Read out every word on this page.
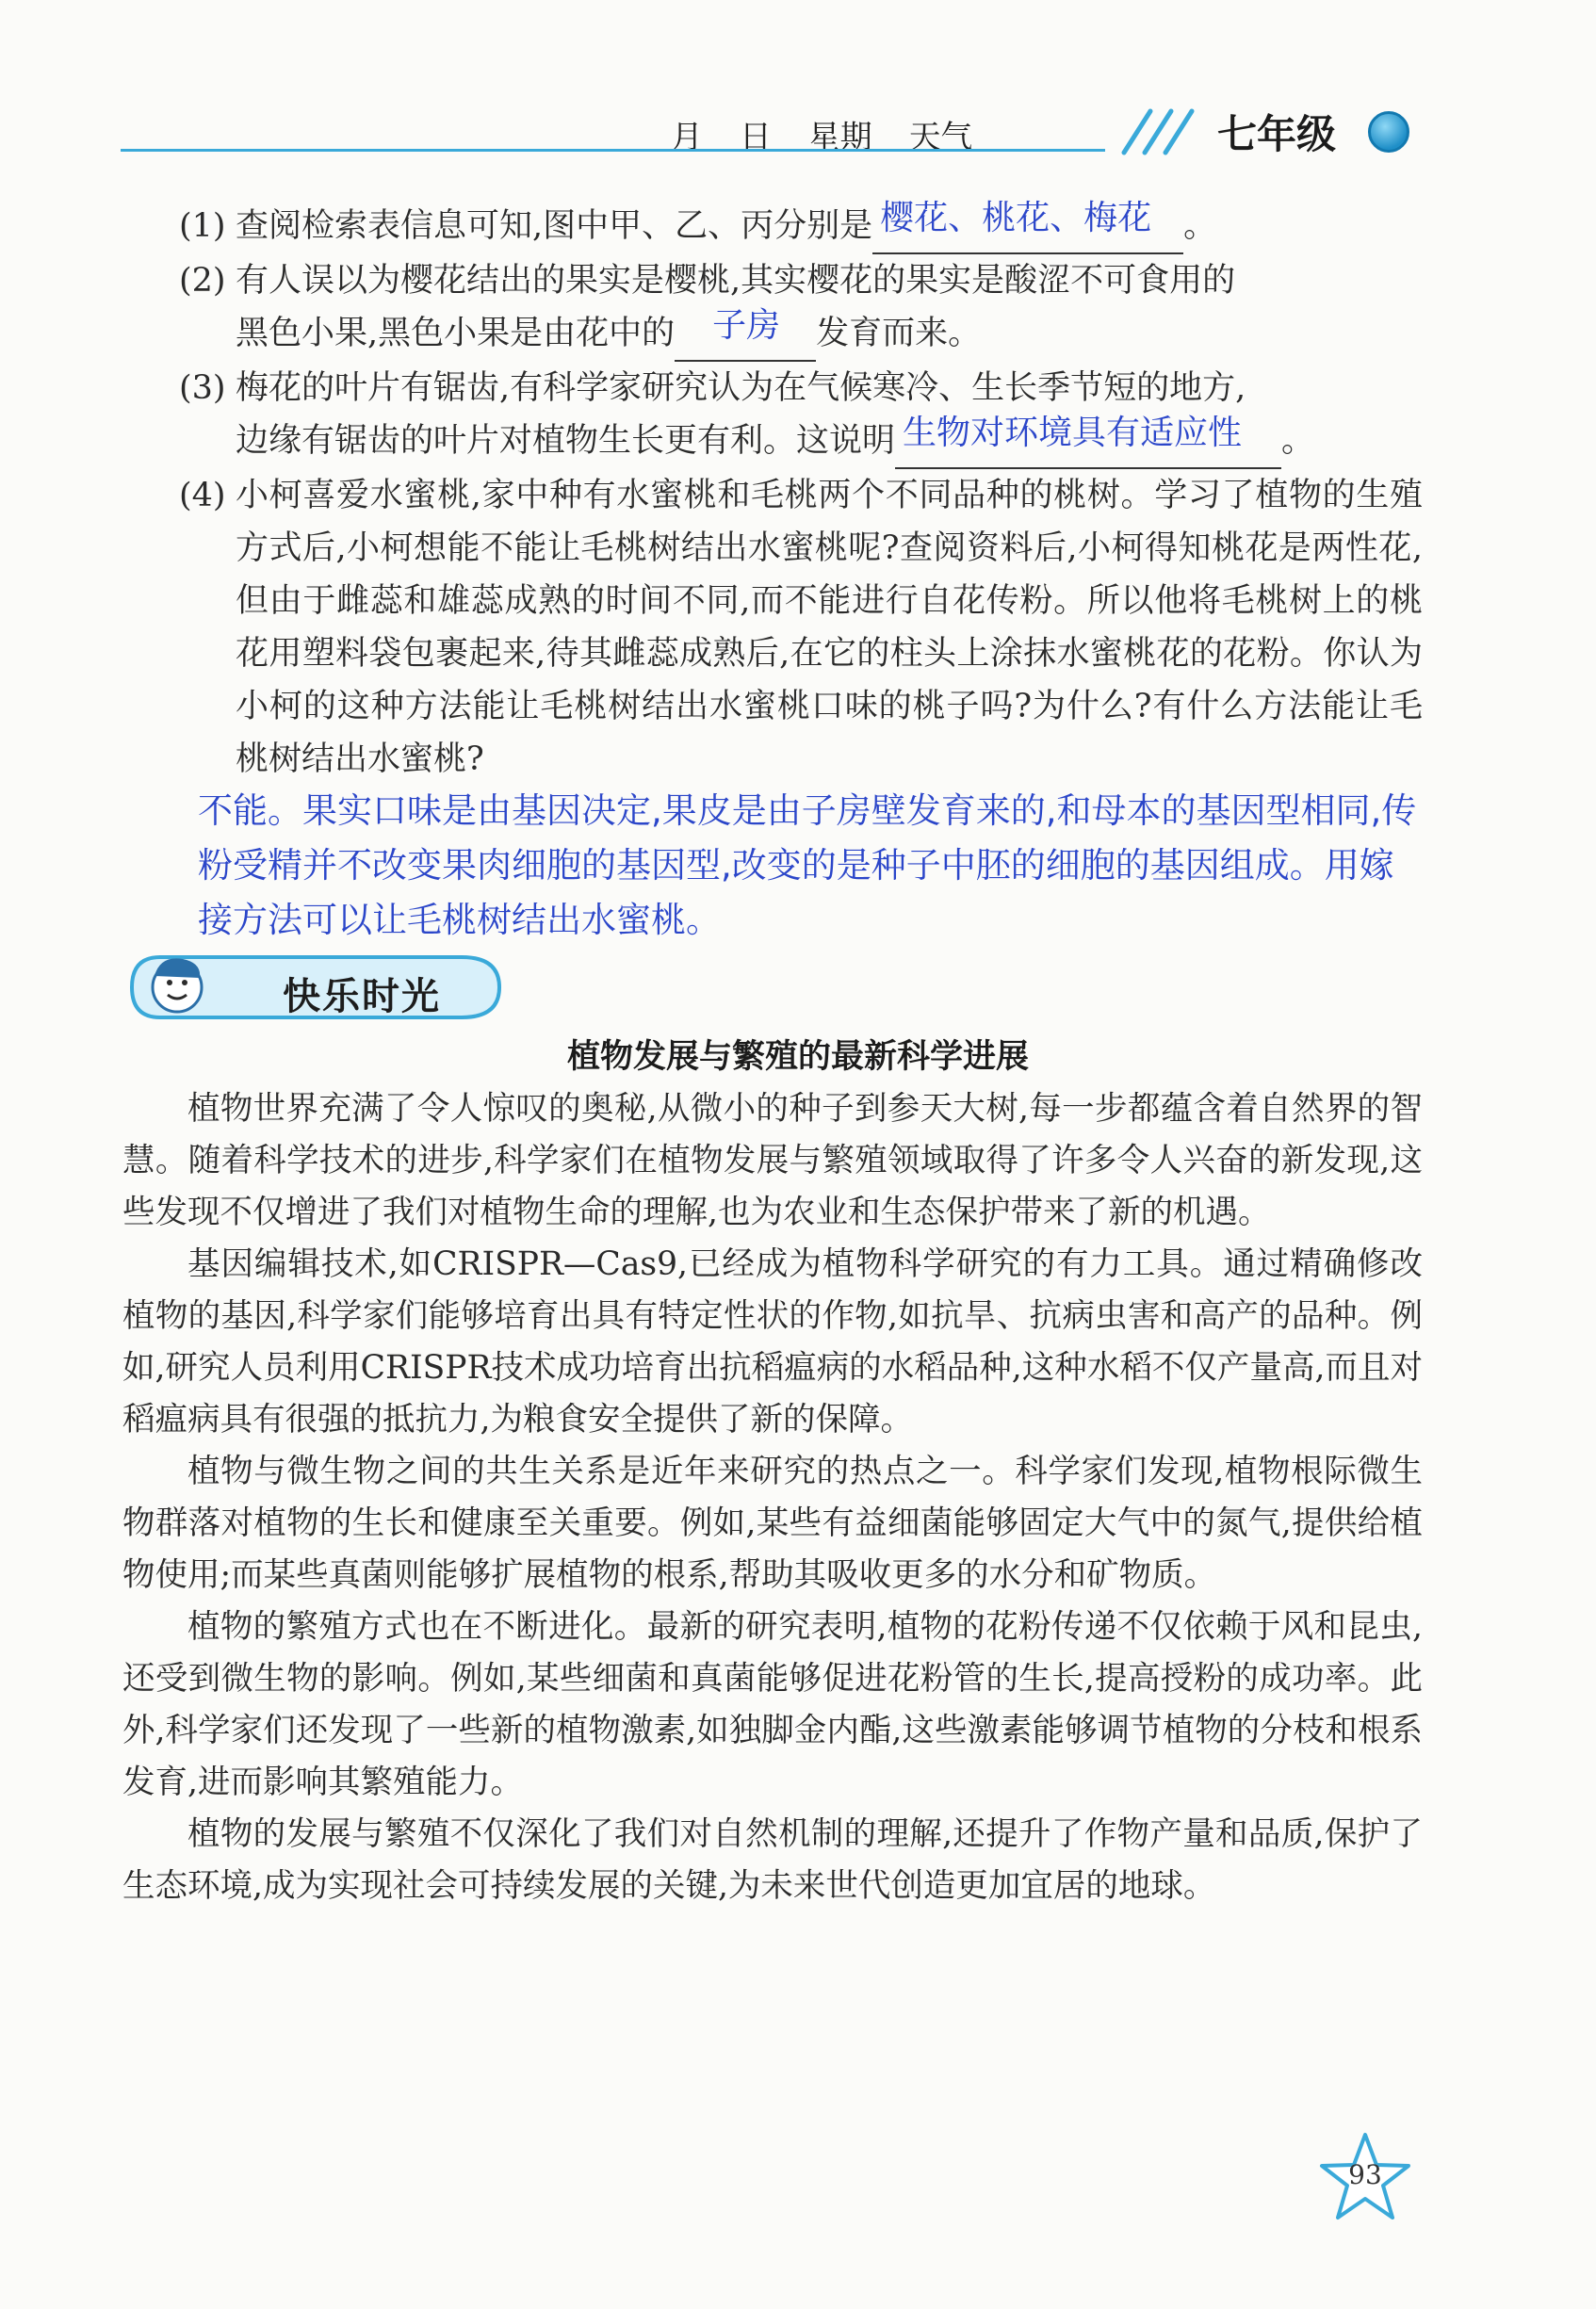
月 日 星期 天气	七年级
(1) 查阅检索表信息可知,图中甲、乙、丙分别是 樱花、桃花、梅花 。
(2) 有人误以为樱花结出的果实是樱桃,其实樱花的果实是酸涩不可食用的
黑色小果,黑色小果是由花中的 子房 发育而来。
(3) 梅花的叶片有锯齿,有科学家研究认为在气候寒冷、生长季节短的地方,
边缘有锯齿的叶片对植物生长更有利。这说明 生物对环境具有适应性 。
(4) 小柯喜爱水蜜桃,家中种有水蜜桃和毛桃两个不同品种的桃树。学习了植物的生殖方式后,小柯想能不能让毛桃树结出水蜜桃呢?查阅资料后,小柯得知桃花是两性花,但由于雌蕊和雄蕊成熟的时间不同,而不能进行自花传粉。所以他将毛桃树上的桃花用塑料袋包裹起来,待其雌蕊成熟后,在它的柱头上涂抹水蜜桃花的花粉。你认为小柯的这种方法能让毛桃树结出水蜜桃口味的桃子吗?为什么?有什么方法能让毛桃树结出水蜜桃?
不能。果实口味是由基因决定,果皮是由子房壁发育来的,和母本的基因型相同,传粉受精并不改变果肉细胞的基因型,改变的是种子中胚的细胞的基因组成。用嫁接方法可以让毛桃树结出水蜜桃。
快乐时光
植物发展与繁殖的最新科学进展

植物世界充满了令人惊叹的奥秘,从微小的种子到参天大树,每一步都蕴含着自然界的智慧。随着科学技术的进步,科学家们在植物发展与繁殖领域取得了许多令人兴奋的新发现,这些发现不仅增进了我们对植物生命的理解,也为农业和生态保护带来了新的机遇。

基因编辑技术,如CRISPR—Cas9,已经成为植物科学研究的有力工具。通过精确修改植物的基因,科学家们能够培育出具有特定性状的作物,如抗旱、抗病虫害和高产的品种。例如,研究人员利用CRISPR技术成功培育出抗稻瘟病的水稻品种,这种水稻不仅产量高,而且对稻瘟病具有很强的抵抗力,为粮食安全提供了新的保障。

植物与微生物之间的共生关系是近年来研究的热点之一。科学家们发现,植物根际微生物群落对植物的生长和健康至关重要。例如,某些有益细菌能够固定大气中的氮气,提供给植物使用;而某些真菌则能够扩展植物的根系,帮助其吸收更多的水分和矿物质。

植物的繁殖方式也在不断进化。最新的研究表明,植物的花粉传递不仅依赖于风和昆虫,还受到微生物的影响。例如,某些细菌和真菌能够促进花粉管的生长,提高授粉的成功率。此外,科学家们还发现了一些新的植物激素,如独脚金内酯,这些激素能够调节植物的分枝和根系发育,进而影响其繁殖能力。

植物的发展与繁殖不仅深化了我们对自然机制的理解,还提升了作物产量和品质,保护了生态环境,成为实现社会可持续发展的关键,为未来世代创造更加宜居的地球。

93
